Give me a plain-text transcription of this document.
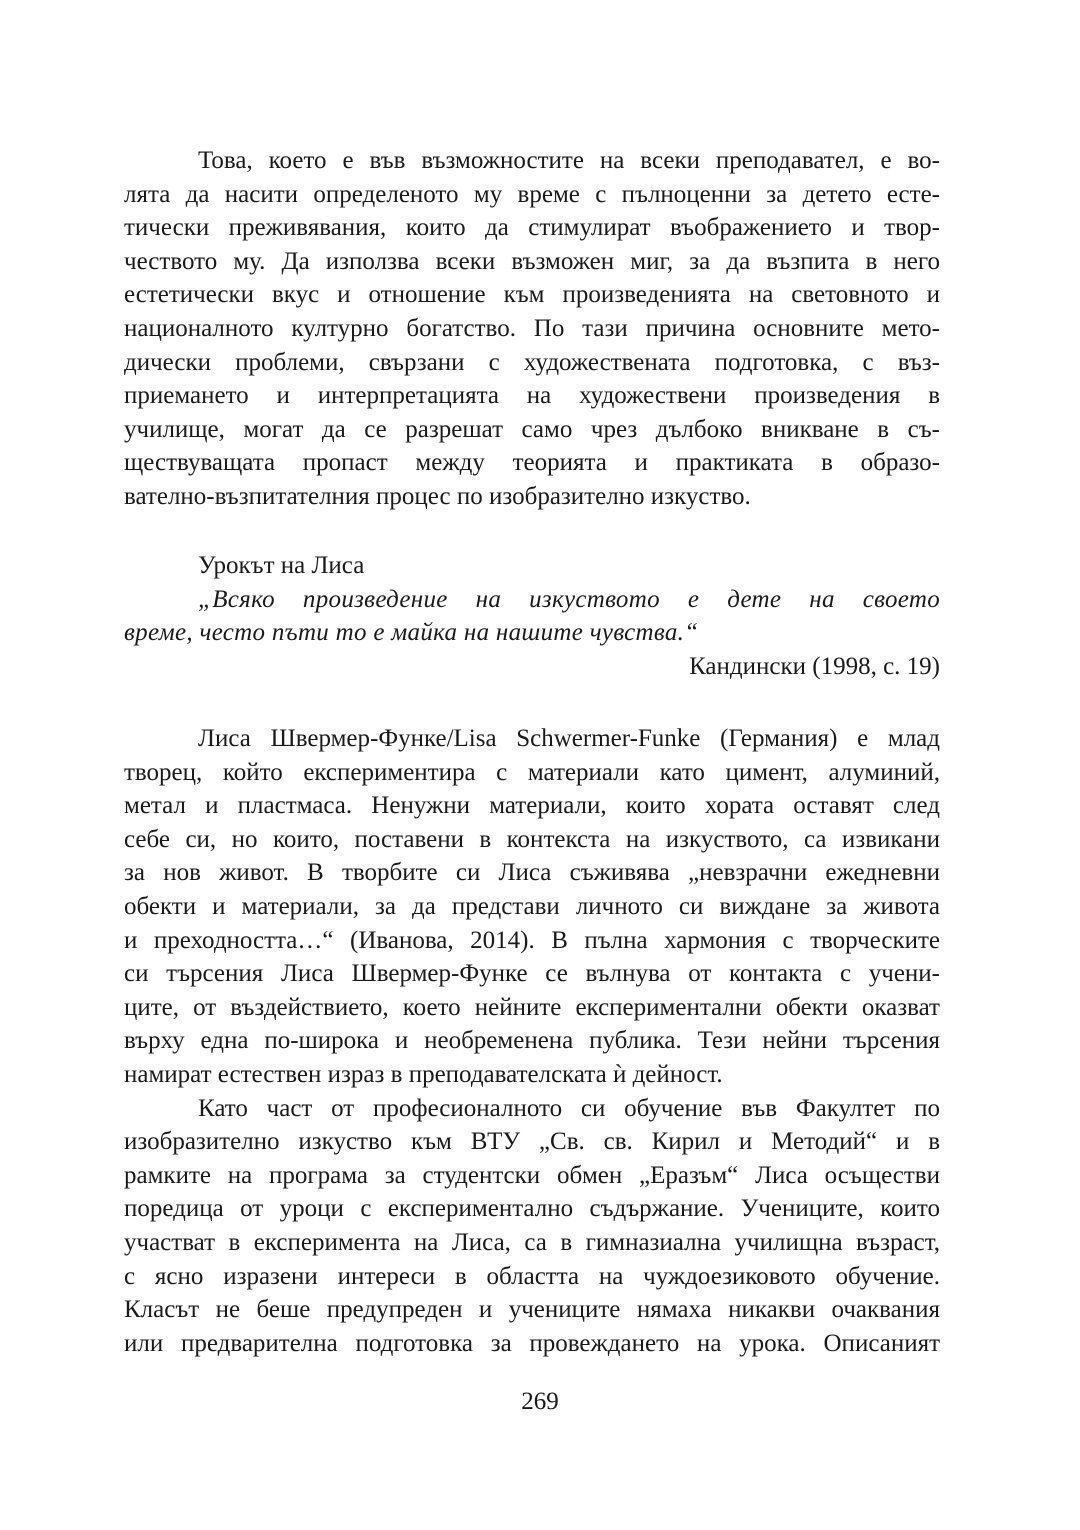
Това, което е във възможностите на всеки преподавател, е во-
лята да насити определеното му време с пълноценни за детето есте-
тически преживявания, които да стимулират въображението и твор-
чеството му. Да използва всеки възможен миг, за да възпита в него
естетически вкус и отношение към произведенията на световното и
националното културно богатство. По тази причина основните мето-
дически проблеми, свързани с художествената подготовка, с въз-
приемането и интерпретацията на художествени произведения в
училище, могат да се разрешат само чрез дълбоко вникване в съ-
ществуващата пропаст между теорията и практиката в образо-
вателно-възпитателния процес по изобразително изкуство.
Урокът на Лиса
„Всяко произведение на изкуството е дете на своето
време, често пъти то е майка на нашите чувства.“
Кандински (1998, с. 19)
Лиса Швермер-Функе/Lisa Schwermer-Funke (Германия) е млад
творец, който експериментира с материали като цимент, алуминий,
метал и пластмаса. Ненужни материали, които хората оставят след
себе си, но които, поставени в контекста на изкуството, са извикани
за нов живот. В творбите си Лиса съживява „невзрачни ежедневни
обекти и материали, за да представи личното си виждане за живота
и преходността…“ (Иванова, 2014). В пълна хармония с творческите
си търсения Лиса Швермер-Функе се вълнува от контакта с учени-
ците, от въздействието, което нейните експериментални обекти оказват
върху една по-широка и необременена публика. Тези нейни търсения
намират естествен израз в преподавателската ѝ дейност.
Като част от професионалното си обучение във Факултет по
изобразително изкуство към ВТУ „Св. св. Кирил и Методий“ и в
рамките на програма за студентски обмен „Еразъм“ Лиса осъществи
поредица от уроци с експериментално съдържание. Учениците, които
участват в експеримента на Лиса, са в гимназиална училищна възраст,
с ясно изразени интереси в областта на чуждоезиковото обучение.
Класът не беше предупреден и учениците нямаха никакви очаквания
или предварителна подготовка за провеждането на урока. Описаният
269
